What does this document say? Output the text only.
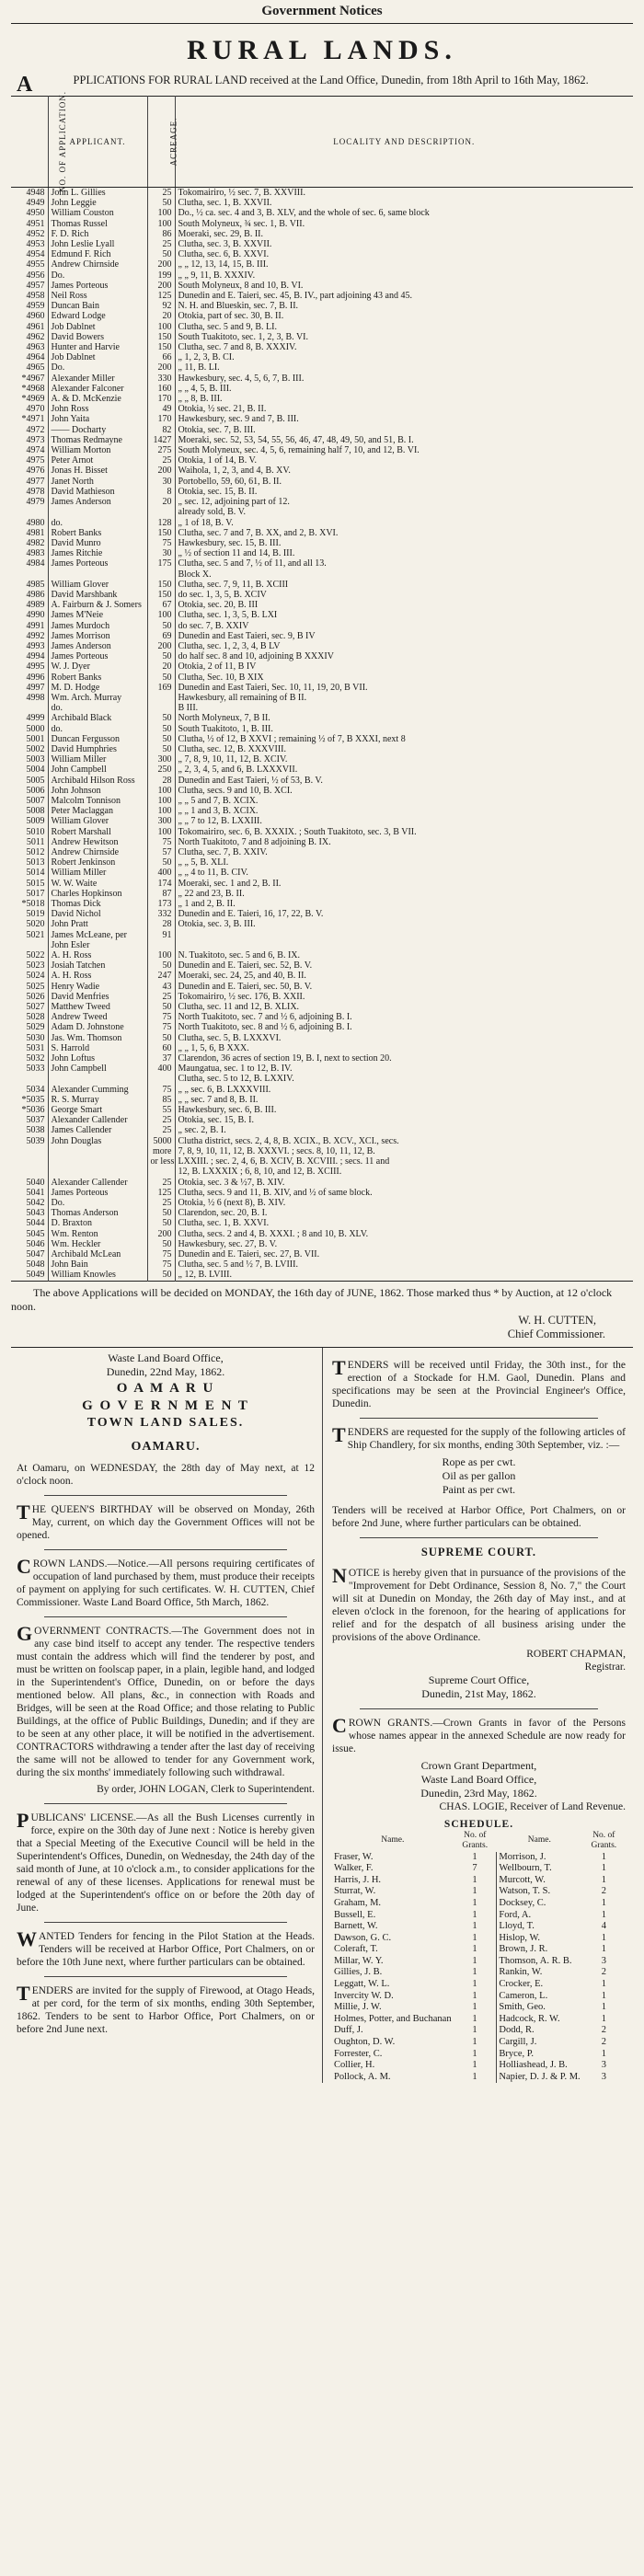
Government Notices
RURAL LANDS.
A	PPLICATIONS FOR RURAL LAND received at the Land Office, Dunedin, from 18th April to 16th May, 1862.
NO. OF APPLICATION.	APPLICANT.	ACREAGE.	LOCALITY AND DESCRIPTION.
4948	John L. Gillies	25	Tokomairiro, ½ sec. 7, B. XXVIII.
4949	John Leggie	50	Clutha, sec. 1, B. XXVII.
4950	William Couston	100	Do., ½ ca. sec. 4 and 3, B. XLV, and the whole of sec. 6, same block
4951	Thomas Russel	100	South Molyneux, ¾ sec. 1, B. VII.
4952	F. D. Rich	86	Moeraki, sec. 29, B. II.
4953	John Leslie Lyall	25	Clutha, sec. 3, B. XXVII.
4954	Edmund F. Rich	50	Clutha, sec. 6, B. XXVI.
4955	Andrew Chirnside	200	„ „ 12, 13, 14, 15, B. III.
4956	Do.	199	„ „ 9, 11, B. XXXIV.
4957	James Porteous	200	South Molyneux, 8 and 10, B. VI.
4958	Neil Ross	125	Dunedin and E. Taieri, sec. 45, B. IV., part adjoining 43 and 45.
4959	Duncan Bain	92	N. H. and Blueskin, sec. 7, B. II.
4960	Edward Lodge	20	Otokia, part of sec. 30, B. II.
4961	Job Dablnet	100	Clutha, sec. 5 and 9, B. LI.
4962	David Bowers	150	South Tuakitoto, sec. 1, 2, 3, B. VI.
4963	Hunter and Harvie	150	Clutha, sec. 7 and 8, B. XXXIV.
4964	Job Dablnet	66	„ 1, 2, 3, B. CI.
4965	Do.	200	„ 11, B. LI.
*4967	Alexander Miller	330	Hawkesbury, sec. 4, 5, 6, 7, B. III.
*4968	Alexander Falconer	160	„ „ 4, 5, B. III.
*4969	A. & D. McKenzie	170	„ „ 8, B. III.
4970	John Ross	49	Otokia, ½ sec. 21, B. II.
*4971	John Yaita	170	Hawkesbury, sec. 9 and 7, B. III.
4972	—— Docharty	82	Otokia, sec. 7, B. III.
4973	Thomas Redmayne	1427	Moeraki, sec. 52, 53, 54, 55, 56, 46, 47, 48, 49, 50, and 51, B. I.
4974	William Morton	275	South Molyneux, sec. 4, 5, 6, remaining half 7, 10, and 12, B. VI.
4975	Peter Arnot	25	Otokia, 1 of 14, B. V.
4976	Jonas H. Bisset	200	Waihola, 1, 2, 3, and 4, B. XV.
4977	Janet North	30	Portobello, 59, 60, 61, B. II.
4978	David Mathieson	8	Otokia, sec. 15, B. II.
4979	James Anderson	20	„ sec. 12, adjoining part of 12.
			already sold, B. V.
4980	do.	128	„ 1 of 18, B. V.
4981	Robert Banks	150	Clutha, sec. 7 and 7, B. XX, and 2, B. XVI.
4982	David Munro	75	Hawkesbury, sec. 15, B. III.
4983	James Ritchie	30	„ ½ of section 11 and 14, B. III.
4984	James Porteous	175	Clutha, sec. 5 and 7, ½ of 11, and all 13.
			Block X.
4985	William Glover	150	Clutha, sec. 7, 9, 11, B. XCIII
4986	David Marshbank	150	do sec. 1, 3, 5, B. XCIV
4989	A. Fairburn & J. Somers	67	Otokia, sec. 20, B. III
4990	James M'Neie	100	Clutha, sec. 1, 3, 5, B. LXI
4991	James Murdoch	50	do sec. 7, B. XXIV
4992	James Morrison	69	Dunedin and East Taieri, sec. 9, B IV
4993	James Anderson	200	Clutha, sec. 1, 2, 3, 4, B LV
4994	James Porteous	50	do half sec. 8 and 10, adjoining B XXXIV
4995	W. J. Dyer	20	Otokia, 2 of 11, B IV
4996	Robert Banks	50	Clutha, Sec. 10, B XIX
4997	M. D. Hodge	169	Dunedin and East Taieri, Sec. 10, 11, 19, 20, B VII.
4998	Wm. Arch. Murray		Hawkesbury, all remaining of B II.
	do.		B III.
4999	Archibald Black	50	North Molyneux, 7, B II.
5000	do.	50	South Tuakitoto, 1, B. III.
5001	Duncan Fergusson	50	Clutha, ½ of 12, B XXVI ; remaining ½ of 7, B XXXI, next 8
5002	David Humphries	50	Clutha, sec. 12, B. XXXVIII.
5003	William Miller	300	„ 7, 8, 9, 10, 11, 12, B. XCIV.
5004	John Campbell	250	„ 2, 3, 4, 5, and 6, B. LXXXVII.
5005	Archibald Hilson Ross	28	Dunedin and East Taieri, ½ of 53, B. V.
5006	John Johnson	100	Clutha, secs. 9 and 10, B. XCI.
5007	Malcolm Tonnison	100	„ „ 5 and 7, B. XCIX.
5008	Peter Maclaggan	100	„ „ 1 and 3, B. XCIX.
5009	William Glover	300	„ „ 7 to 12, B. LXXIII.
5010	Robert Marshall	100	Tokomairiro, sec. 6, B. XXXIX. ; South Tuakitoto, sec. 3, B VII.
5011	Andrew Hewitson	75	North Tuakitoto, 7 and 8 adjoining B. IX.
5012	Andrew Chirnside	57	Clutha, sec. 7, B. XXIV.
5013	Robert Jenkinson	50	„ „ 5, B. XLI.
5014	William Miller	400	„ „ 4 to 11, B. CIV.
5015	W. W. Waite	174	Moeraki, sec. 1 and 2, B. II.
5017	Charles Hopkinson	87	„ 22 and 23, B. II.
*5018	Thomas Dick	173	„ 1 and 2, B. II.
5019	David Nichol	332	Dunedin and E. Taieri, 16, 17, 22, B. V.
5020	John Pratt	28	Otokia, sec. 3, B. III.
5021	James McLeane, per	91	
	John Esler		
5022	A. H. Ross	100	N. Tuakitoto, sec. 5 and 6, B. IX.
5023	Josiah Tatchen	50	Dunedin and E. Taieri, sec. 52, B. V.
5024	A. H. Ross	247	Moeraki, sec. 24, 25, and 40, B. II.
5025	Henry Wadie	43	Dunedin and E. Taieri, sec. 50, B. V.
5026	David Menfries	25	Tokomairiro, ½ sec. 176, B. XXII.
5027	Matthew Tweed	50	Clutha, sec. 11 and 12, B. XLIX.
5028	Andrew Tweed	75	North Tuakitoto, sec. 7 and ½ 6, adjoining B. I.
5029	Adam D. Johnstone	75	North Tuakitoto, sec. 8 and ½ 6, adjoining B. I.
5030	Jas. Wm. Thomson	50	Clutha, sec. 5, B. LXXXVI.
5031	S. Harrold	60	„ „ 1, 5, 6, B XXX.
5032	John Loftus	37	Clarendon, 36 acres of section 19, B. I, next to section 20.
5033	John Campbell	400	Maungatua, sec. 1 to 12, B. IV.
			Clutha, sec. 5 to 12, B. LXXIV.
5034	Alexander Cumming	75	„ „ sec. 6, B. LXXXVIII.
*5035	R. S. Murray	85	„ „ sec. 7 and 8, B. II.
*5036	George Smart	55	Hawkesbury, sec. 6, B. III.
5037	Alexander Callender	25	Otokia, sec. 15, B. I.
5038	James Callender	25	„ sec. 2, B. I.
5039	John Douglas	5000	Clutha district, secs. 2, 4, 8, B. XCIX., B. XCV., XCI., secs.
		more	7, 8, 9, 10, 11, 12, B. XXXVI. ; secs. 8, 10, 11, 12, B.
		or less	LXXIII. ; sec. 2, 4, 6, B. XCIV, B. XCVIII. ; secs. 11 and
			12, B. LXXXIX ; 6, 8, 10, and 12, B. XCIII.
5040	Alexander Callender	25	Otokia, sec. 3 & ½7, B. XIV.
5041	James Porteous	125	Clutha, secs. 9 and 11, B. XIV, and ½ of same block.
5042	Do.	25	Otokia, ½ 6 (next 8), B. XIV.
5043	Thomas Anderson	50	Clarendon, sec. 20, B. I.
5044	D. Braxton	50	Clutha, sec. 1, B. XXVI.
5045	Wm. Renton	200	Clutha, secs. 2 and 4, B. XXXI. ; 8 and 10, B. XLV.
5046	Wm. Heckler	50	Hawkesbury, sec. 27, B. V.
5047	Archibald McLean	75	Dunedin and E. Taieri, sec. 27, B. VII.
5048	John Bain	75	Clutha, sec. 5 and ½ 7, B. LVIII.
5049	William Knowles	50	„ 12, B. LVIII.
The above Applications will be decided on MONDAY, the 16th day of JUNE, 1862. Those marked thus * by Auction, at 12 o'clock noon.
W. H. CUTTEN,
Chief Commissioner.
Waste Land Board Office,
Dunedin, 22nd May, 1862.
O A M A R U
G O V E R N M E N T
TOWN LAND SALES.
OAMARU.
At Oamaru, on WEDNESDAY, the 28th day of May next, at 12 o'clock noon.
THE QUEEN'S BIRTHDAY will be observed on Monday, 26th May, current, on which day the Government Offices will not be opened.
CROWN LANDS.—Notice.—All persons requiring certificates of occupation of land purchased by them, must produce their receipts of payment on applying for such certificates. W. H. CUTTEN, Chief Commissioner. Waste Land Board Office, 5th March, 1862.
GOVERNMENT CONTRACTS.—The Government does not in any case bind itself to accept any tender. The respective tenders must contain the address which will find the tenderer by post, and must be written on foolscap paper, in a plain, legible hand, and lodged in the Superintendent's Office, Dunedin, on or before the days mentioned below. All plans, &c., in connection with Roads and Bridges, will be seen at the Road Office; and those relating to Public Buildings, at the office of Public Buildings, Dunedin; and if they are to be seen at any other place, it will be notified in the advertisement. CONTRACTORS withdrawing a tender after the last day of receiving the same will not be allowed to tender for any Government work, during the six months' immediately following such withdrawal.
By order, JOHN LOGAN, Clerk to Superintendent.
PUBLICANS' LICENSE.—As all the Bush Licenses currently in force, expire on the 30th day of June next : Notice is hereby given that a Special Meeting of the Executive Council will be held in the Superintendent's Offices, Dunedin, on Wednesday, the 24th day of the said month of June, at 10 o'clock a.m., to consider applications for the renewal of any of these licenses. Applications for renewal must be lodged at the Superintendent's office on or before the 20th day of June.
WANTED Tenders for fencing in the Pilot Station at the Heads. Tenders will be received at Harbor Office, Port Chalmers, on or before the 10th June next, where further particulars can be obtained.
TENDERS are invited for the supply of Firewood, at Otago Heads, at per cord, for the term of six months, ending 30th September, 1862. Tenders to be sent to Harbor Office, Port Chalmers, on or before 2nd June next.
TENDERS will be received until Friday, the 30th inst., for the erection of a Stockade for H.M. Gaol, Dunedin. Plans and specifications may be seen at the Provincial Engineer's Office, Dunedin.
TENDERS are requested for the supply of the following articles of Ship Chandlery, for six months, ending 30th September, viz. :—
Rope as per cwt.
Oil as per gallon
Paint as per cwt.
Tenders will be received at Harbor Office, Port Chalmers, on or before 2nd June, where further particulars can be obtained.
SUPREME COURT.
NOTICE is hereby given that in pursuance of the provisions of the "Improvement for Debt Ordinance, Session 8, No. 7," the Court will sit at Dunedin on Monday, the 26th day of May inst., and at eleven o'clock in the forenoon, for the hearing of applications for relief and for the despatch of all business arising under the provisions of the above Ordinance.
ROBERT CHAPMAN,
Registrar.
Supreme Court Office,
Dunedin, 21st May, 1862.
CROWN GRANTS.—Crown Grants in favor of the Persons whose names appear in the annexed Schedule are now ready for issue.
Crown Grant Department,
Waste Land Board Office,
Dunedin, 23rd May, 1862.
CHAS. LOGIE, Receiver of Land Revenue.
SCHEDULE.
Name.	No. of Grants.	Name.	No. of Grants.
Fraser, W.	1	Morrison, J.	1
Walker, F.	7	Wellbourn, T.	1
Harris, J. H.	1	Murcott, W.	1
Sturrat, W.	1	Watson, T. S.	2
Graham, M.	1	Docksey, C.	1
Bussell, E.	1	Ford, A.	1
Barnett, W.	1	Lloyd, T.	4
Dawson, G. C.	1	Hislop, W.	1
Coleraft, T.	1	Brown, J. R.	1
Millar, W. Y.	1	Thomson, A. R. B.	3
Gillies, J. B.	1	Rankin, W.	2
Leggatt, W. L.	1	Crocker, E.	1
Invercity W. D.	1	Cameron, L.	1
Millie, J. W.	1	Smith, Geo.	1
Holmes, Potter, and Buchanan	1	Hadcock, R. W.	1
Duff, J.	1	Dodd, R.	2
Oughton, D. W.	1	Cargill, J.	2
Forrester, C.	1	Bryce, P.	1
Collier, H.	1	Holliashead, J. B.	3
Pollock, A. M.	1	Napier, D. J. & P. M.	3
